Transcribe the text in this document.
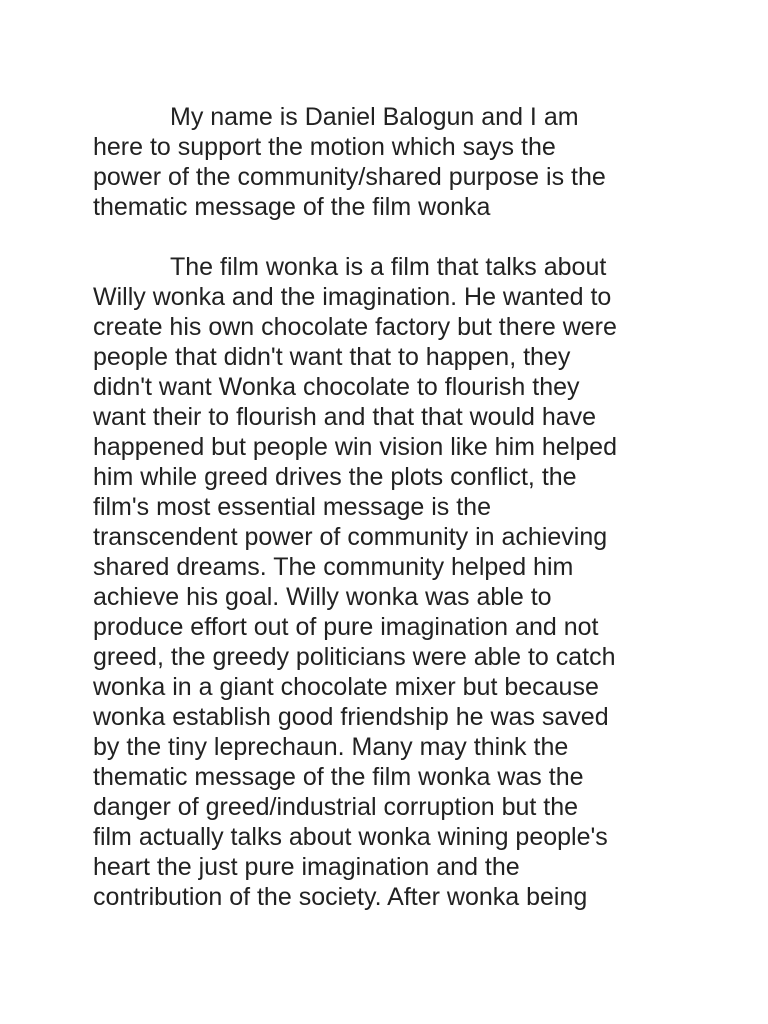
My name is Daniel Balogun and I am
here to support the motion which says the
power of the community/shared purpose is the
thematic message of the film wonka

The film wonka is a film that talks about
Willy wonka and the imagination. He wanted to
create his own chocolate factory but there were
people that didn't want that to happen, they
didn't want Wonka chocolate to flourish they
want their to flourish and that that would have
happened but people win vision like him helped
him while greed drives the plots conflict, the
film's most essential message is the
transcendent power of community in achieving
shared dreams. The community helped him
achieve his goal. Willy wonka was able to
produce effort out of pure imagination and not
greed, the greedy politicians were able to catch
wonka in a giant chocolate mixer but because
wonka establish good friendship he was saved
by the tiny leprechaun. Many may think the
thematic message of the film wonka was the
danger of greed/industrial corruption but the
film actually talks about wonka wining people's
heart the just pure imagination and the
contribution of the society. After wonka being
